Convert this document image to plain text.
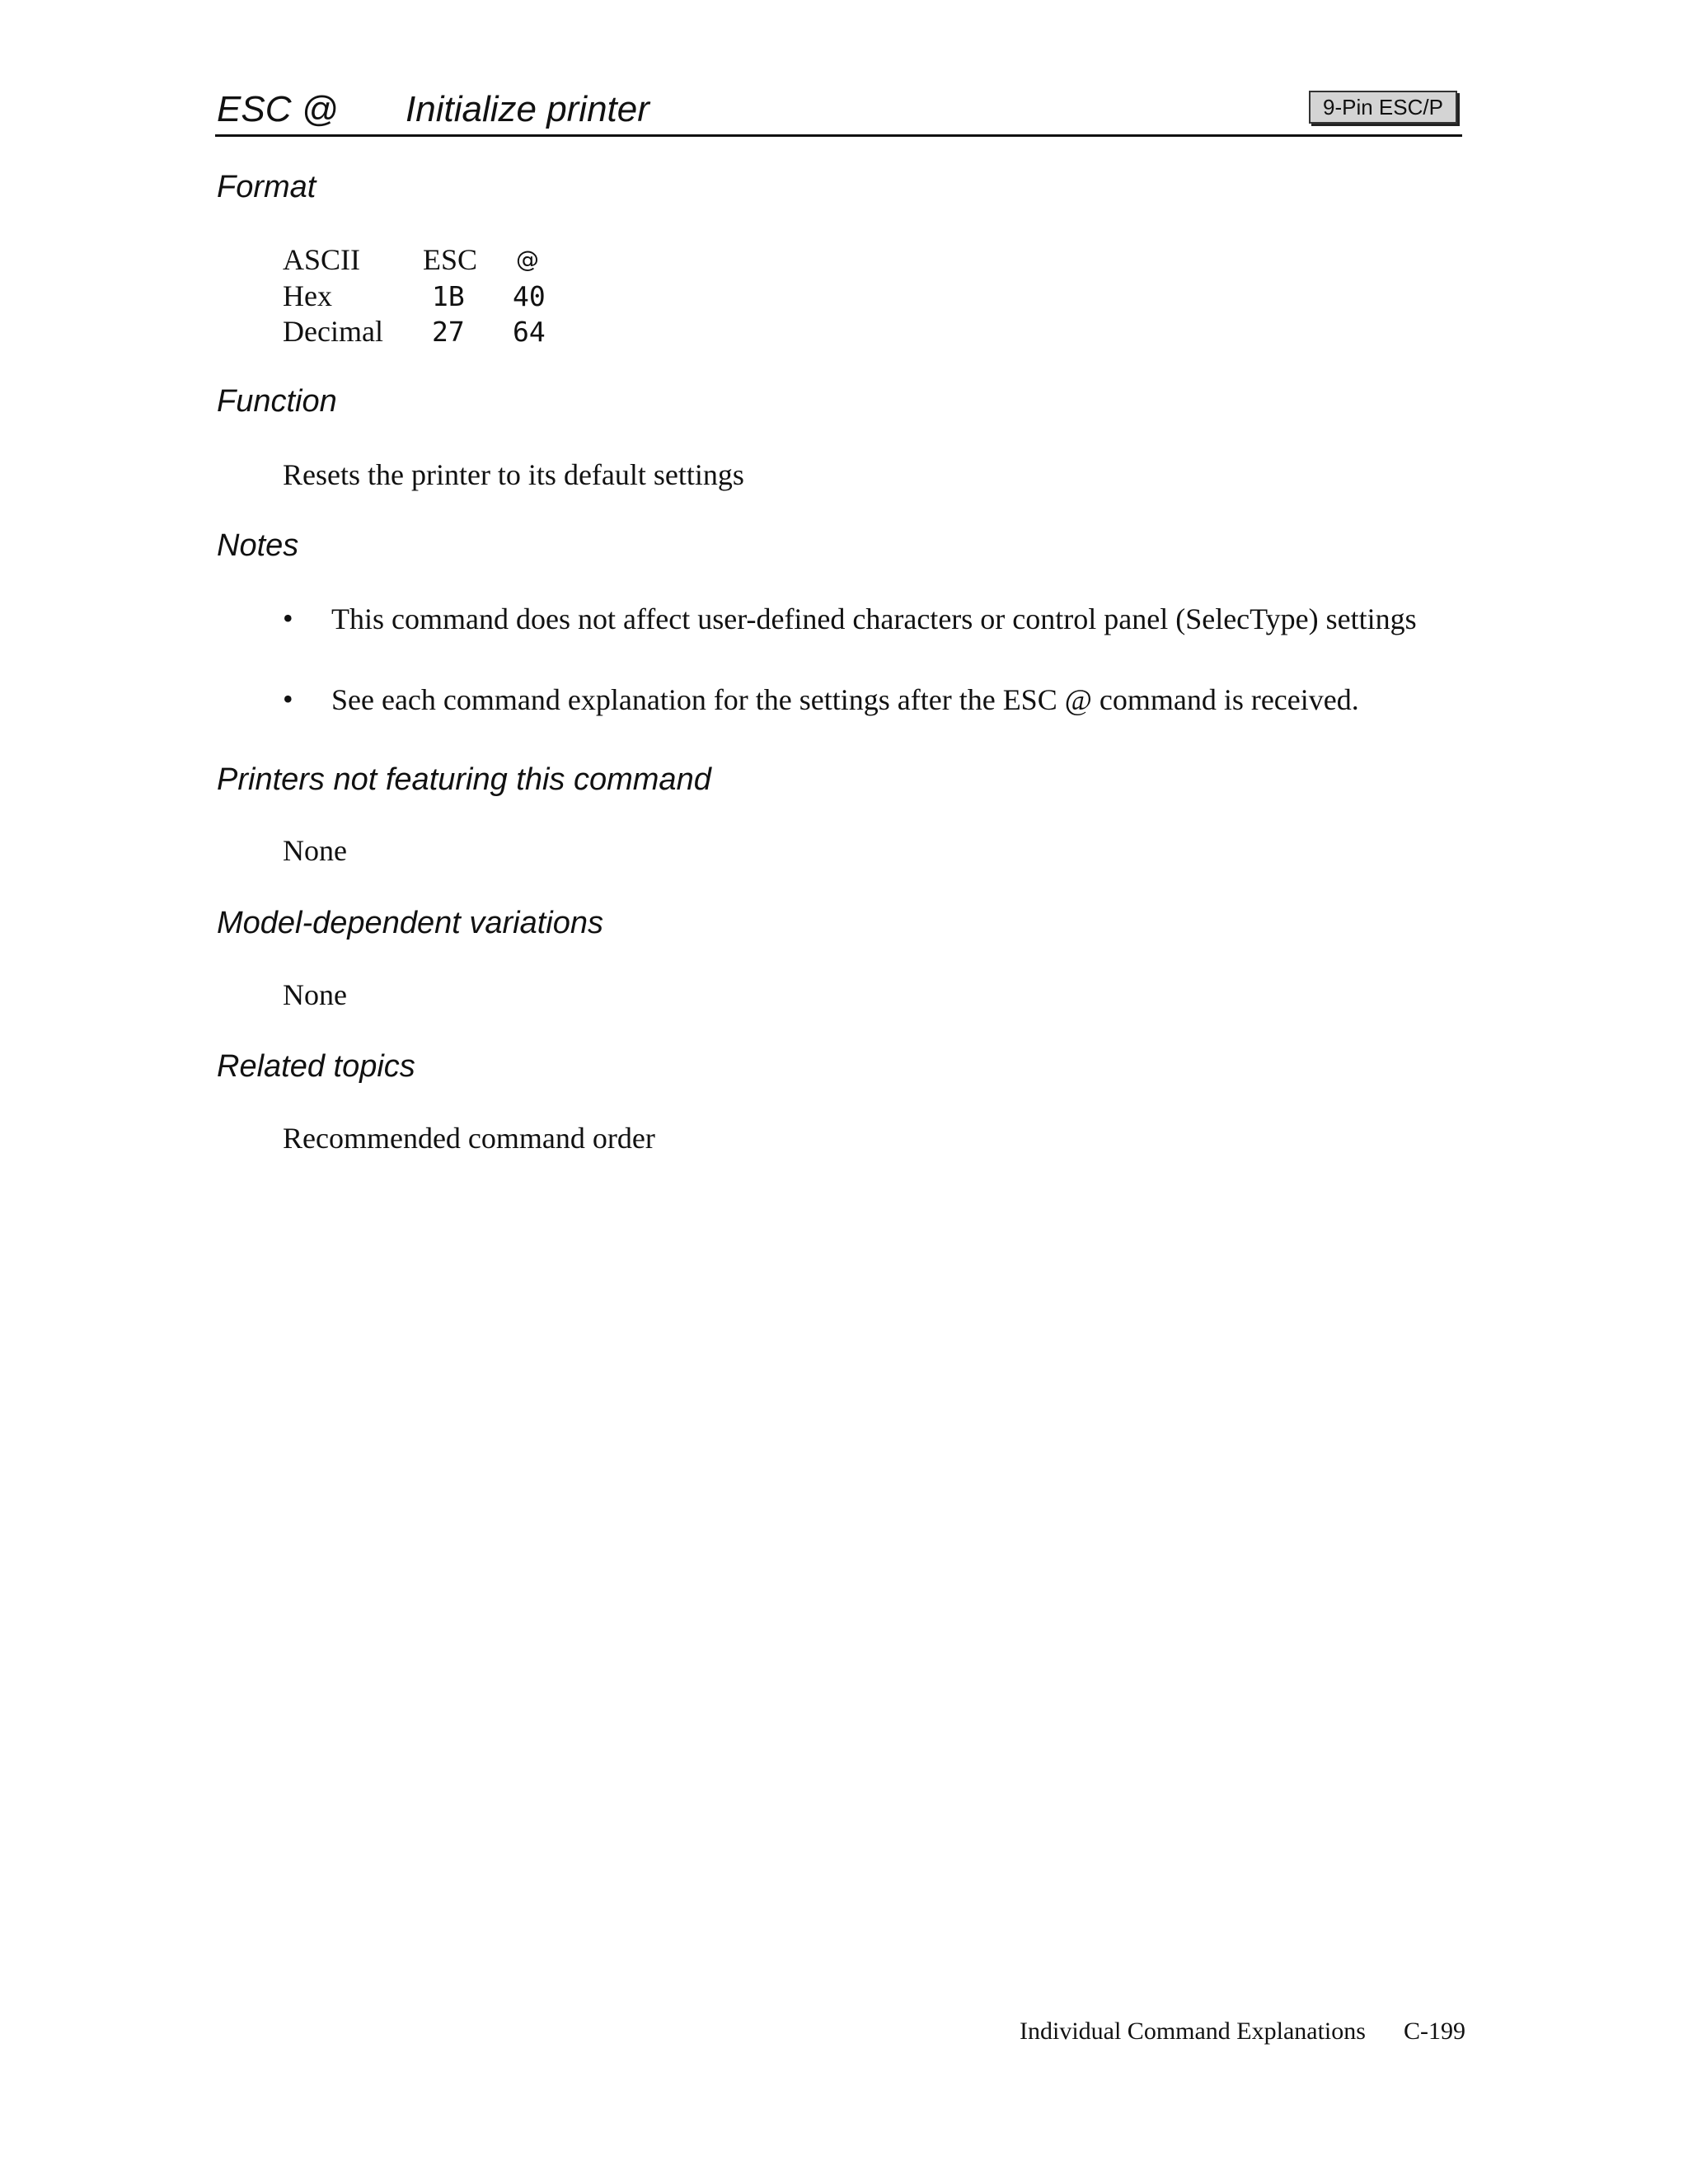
ESC @ Initialize printer	9-Pin ESC/P
Format
ASCII ESC @
Hex	1B 40
Decimal 27 64
Function
Resets the printer to its default settings
Notes
• This command does not affect user-defined characters or control panel (SelecType) settings
• See each command explanation for the settings after the ESC @ command is received.
Printers not featuring this command
None
Model-dependent variations
None
Related topics
Recommended command order
Individual Command Explanations C-199
